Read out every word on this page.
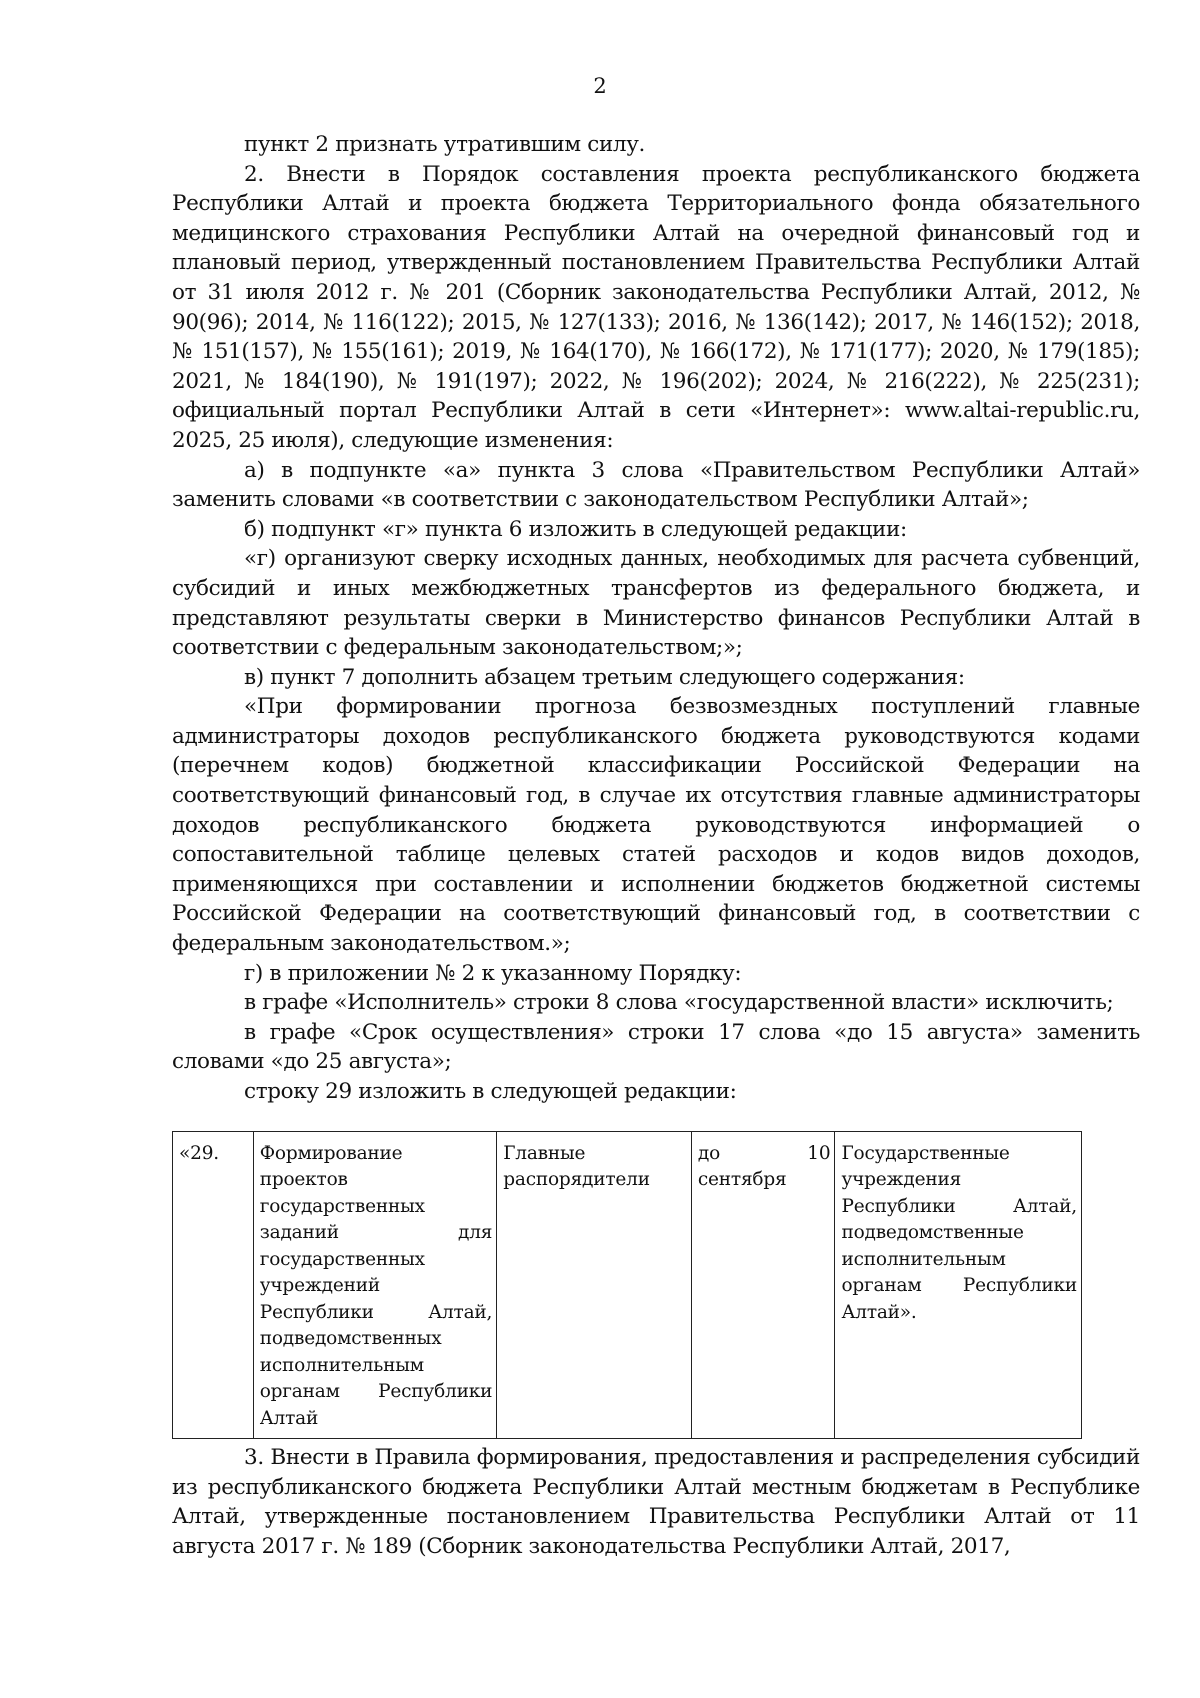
2

пункт 2 признать утратившим силу.

2. Внести в Порядок составления проекта республиканского бюджета Республики Алтай и проекта бюджета Территориального фонда обязательного медицинского страхования Республики Алтай на очередной финансовый год и плановый период, утвержденный постановлением Правительства Республики Алтай от 31 июля 2012 г. № 201 (Сборник законодательства Республики Алтай, 2012, № 90(96); 2014, № 116(122); 2015, № 127(133); 2016, № 136(142); 2017, № 146(152); 2018, № 151(157), № 155(161); 2019, № 164(170), № 166(172), № 171(177); 2020, № 179(185); 2021, № 184(190), № 191(197); 2022, № 196(202); 2024, № 216(222), № 225(231); официальный портал Республики Алтай в сети «Интернет»: www.altai-republic.ru, 2025, 25 июля), следующие изменения:

а) в подпункте «а» пункта 3 слова «Правительством Республики Алтай» заменить словами «в соответствии с законодательством Республики Алтай»;

б) подпункт «г» пункта 6 изложить в следующей редакции:

«г) организуют сверку исходных данных, необходимых для расчета субвенций, субсидий и иных межбюджетных трансфертов из федерального бюджета, и представляют результаты сверки в Министерство финансов Республики Алтай в соответствии с федеральным законодательством;»;

в) пункт 7 дополнить абзацем третьим следующего содержания:

«При формировании прогноза безвозмездных поступлений главные администраторы доходов республиканского бюджета руководствуются кодами (перечнем кодов) бюджетной классификации Российской Федерации на соответствующий финансовый год, в случае их отсутствия главные администраторы доходов республиканского бюджета руководствуются информацией о сопоставительной таблице целевых статей расходов и кодов видов доходов, применяющихся при составлении и исполнении бюджетов бюджетной системы Российской Федерации на соответствующий финансовый год, в соответствии с федеральным законодательством.»;

г) в приложении № 2 к указанному Порядку:

в графе «Исполнитель» строки 8 слова «государственной власти» исключить;

в графе «Срок осуществления» строки 17 слова «до 15 августа» заменить словами «до 25 августа»;

строку 29 изложить в следующей редакции:

«29.	Формирование проектов государственных заданий для государственных учреждений Республики Алтай, подведомственных исполнительным органам Республики Алтай	Главные распорядители	до 10 сентября	Государственные учреждения Республики Алтай, подведомственные исполнительным органам Республики Алтай».

3. Внести в Правила формирования, предоставления и распределения субсидий из республиканского бюджета Республики Алтай местным бюджетам в Республике Алтай, утвержденные постановлением Правительства Республики Алтай от 11 августа 2017 г. № 189 (Сборник законодательства Республики Алтай, 2017,
